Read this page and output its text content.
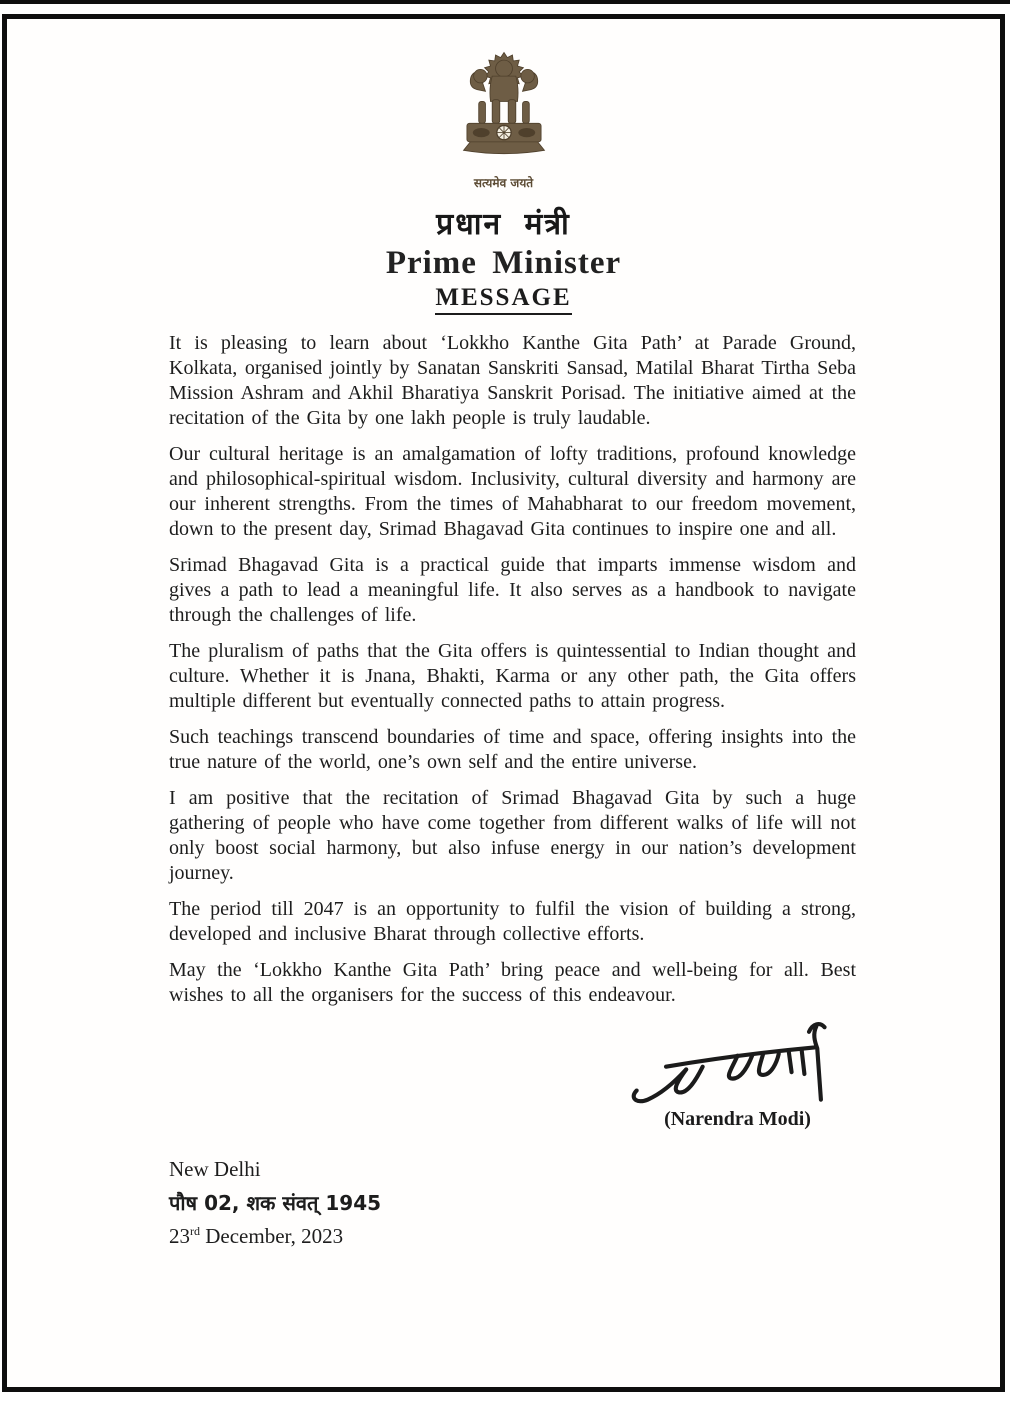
सत्यमेव जयते
प्रधान मंत्री
Prime Minister
MESSAGE

It is pleasing to learn about ‘Lokkho Kanthe Gita Path’ at Parade Ground, Kolkata, organised jointly by Sanatan Sanskriti Sansad, Matilal Bharat Tirtha Seba Mission Ashram and Akhil Bharatiya Sanskrit Porisad. The initiative aimed at the recitation of the Gita by one lakh people is truly laudable.

Our cultural heritage is an amalgamation of lofty traditions, profound knowledge and philosophical-spiritual wisdom. Inclusivity, cultural diversity and harmony are our inherent strengths. From the times of Mahabharat to our freedom movement, down to the present day, Srimad Bhagavad Gita continues to inspire one and all.

Srimad Bhagavad Gita is a practical guide that imparts immense wisdom and gives a path to lead a meaningful life. It also serves as a handbook to navigate through the challenges of life.

The pluralism of paths that the Gita offers is quintessential to Indian thought and culture. Whether it is Jnana, Bhakti, Karma or any other path, the Gita offers multiple different but eventually connected paths to attain progress.

Such teachings transcend boundaries of time and space, offering insights into the true nature of the world, one’s own self and the entire universe.

I am positive that the recitation of Srimad Bhagavad Gita by such a huge gathering of people who have come together from different walks of life will not only boost social harmony, but also infuse energy in our nation’s development journey.

The period till 2047 is an opportunity to fulfil the vision of building a strong, developed and inclusive Bharat through collective efforts.

May the ‘Lokkho Kanthe Gita Path’ bring peace and well-being for all. Best wishes to all the organisers for the success of this endeavour.

(Narendra Modi)
New Delhi
पौष 02, शक संवत् 1945
23rd December, 2023
